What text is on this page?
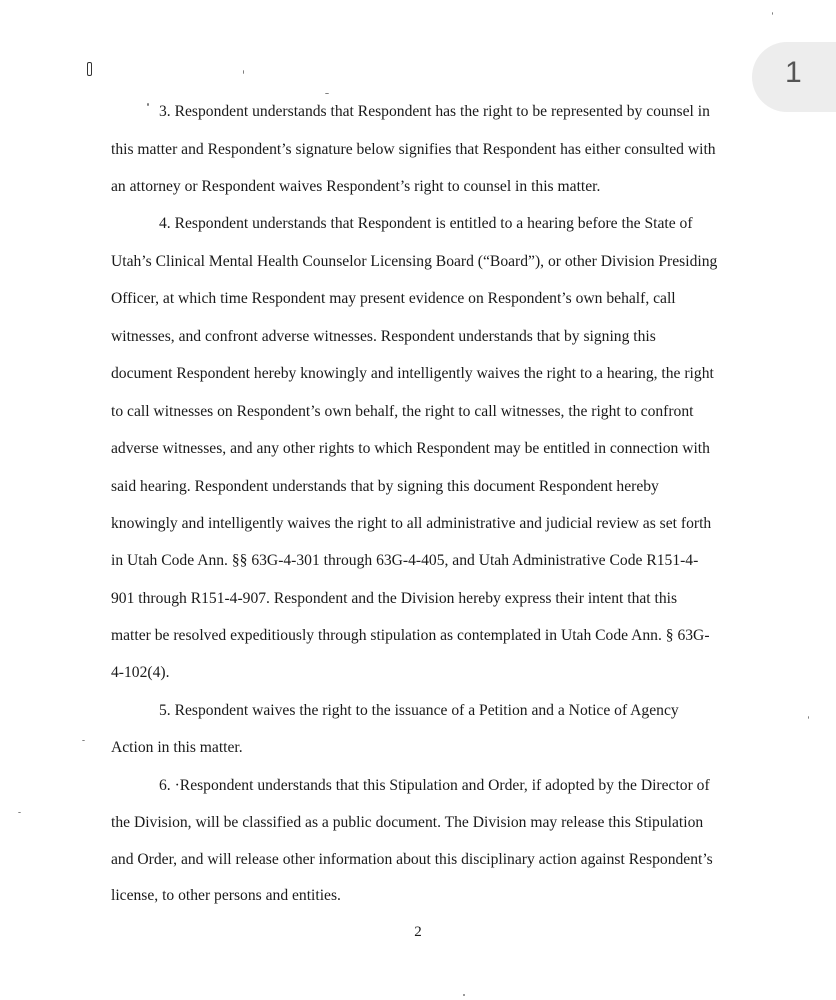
1
3. Respondent understands that Respondent has the right to be represented by counsel in
this matter and Respondent’s signature below signifies that Respondent has either consulted with
an attorney or Respondent waives Respondent’s right to counsel in this matter.
4. Respondent understands that Respondent is entitled to a hearing before the State of
Utah’s Clinical Mental Health Counselor Licensing Board (“Board”), or other Division Presiding
Officer, at which time Respondent may present evidence on Respondent’s own behalf, call
witnesses, and confront adverse witnesses. Respondent understands that by signing this
document Respondent hereby knowingly and intelligently waives the right to a hearing, the right
to call witnesses on Respondent’s own behalf, the right to call witnesses, the right to confront
adverse witnesses, and any other rights to which Respondent may be entitled in connection with
said hearing. Respondent understands that by signing this document Respondent hereby
knowingly and intelligently waives the right to all administrative and judicial review as set forth
in Utah Code Ann. §§ 63G-4-301 through 63G-4-405, and Utah Administrative Code R151-4-
901 through R151-4-907. Respondent and the Division hereby express their intent that this
matter be resolved expeditiously through stipulation as contemplated in Utah Code Ann. § 63G-
4-102(4).
5. Respondent waives the right to the issuance of a Petition and a Notice of Agency
Action in this matter.
6. ·Respondent understands that this Stipulation and Order, if adopted by the Director of
the Division, will be classified as a public document. The Division may release this Stipulation
and Order, and will release other information about this disciplinary action against Respondent’s
license, to other persons and entities.
2
